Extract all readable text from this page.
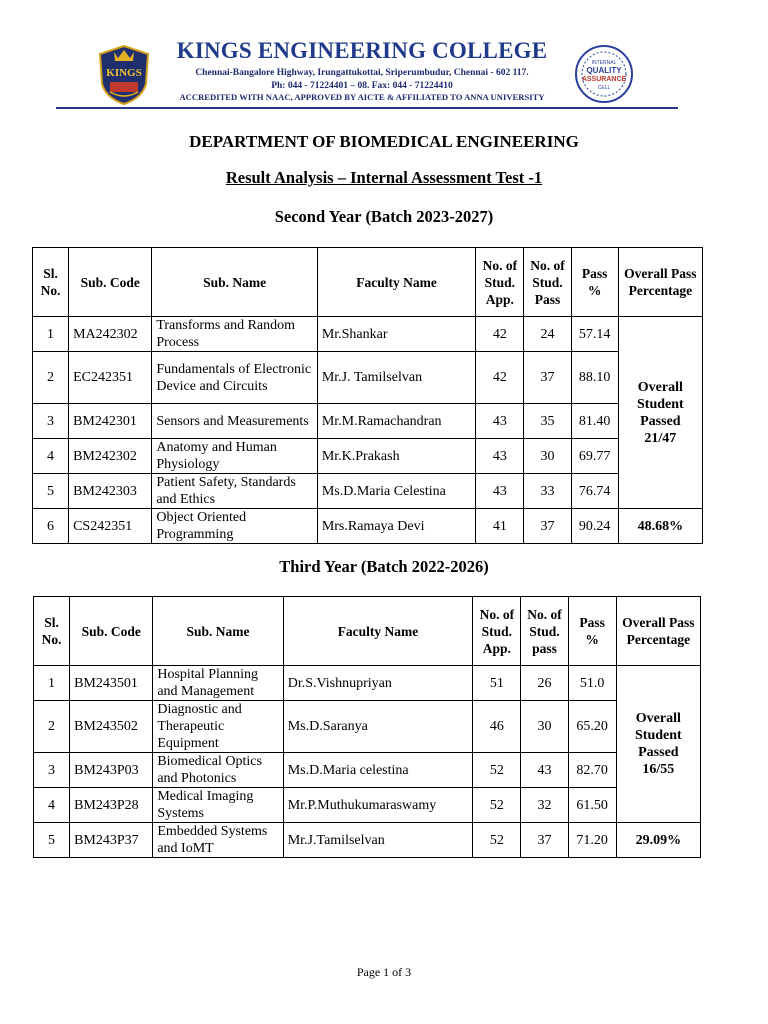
KINGS
KINGS ENGINEERING COLLEGE
Chennai-Bangalore Highway, Irungattukottai, Sriperumbudur, Chennai - 602 117.
Ph: 044 - 71224401 – 08. Fax: 044 - 71224410
ACCREDITED WITH NAAC, APPROVED BY AICTE & AFFILIATED TO ANNA UNIVERSITY
INTERNAL
QUALITY
ASSURANCE
CELL
DEPARTMENT OF BIOMEDICAL ENGINEERING
Result Analysis – Internal Assessment Test -1
Second Year (Batch 2023-2027)
Sl. No.	Sub. Code	Sub. Name	Faculty Name	No. of Stud. App.	No. of Stud. Pass	Pass %	Overall Pass Percentage
1	MA242302	Transforms and Random Process	Mr.Shankar	42	24	57.14	Overall Student Passed 21/47
2	EC242351	Fundamentals of Electronic Device and Circuits	Mr.J. Tamilselvan	42	37	88.10	
3	BM242301	Sensors and Measurements	Mr.M.Ramachandran	43	35	81.40	
4	BM242302	Anatomy and Human Physiology	Mr.K.Prakash	43	30	69.77	
5	BM242303	Patient Safety, Standards and Ethics	Ms.D.Maria Celestina	43	33	76.74	
6	CS242351	Object Oriented Programming	Mrs.Ramaya Devi	41	37	90.24	48.68%
Third Year (Batch 2022-2026)
Sl. No.	Sub. Code	Sub. Name	Faculty Name	No. of Stud. App.	No. of Stud. pass	Pass %	Overall Pass Percentage
1	BM243501	Hospital Planning and Management	Dr.S.Vishnupriyan	51	26	51.0	Overall Student Passed 16/55
2	BM243502	Diagnostic and Therapeutic Equipment	Ms.D.Saranya	46	30	65.20	
3	BM243P03	Biomedical Optics and Photonics	Ms.D.Maria celestina	52	43	82.70	
4	BM243P28	Medical Imaging Systems	Mr.P.Muthukumaraswamy	52	32	61.50	
5	BM243P37	Embedded Systems and IoMT	Mr.J.Tamilselvan	52	37	71.20	29.09%
Page 1 of 3
